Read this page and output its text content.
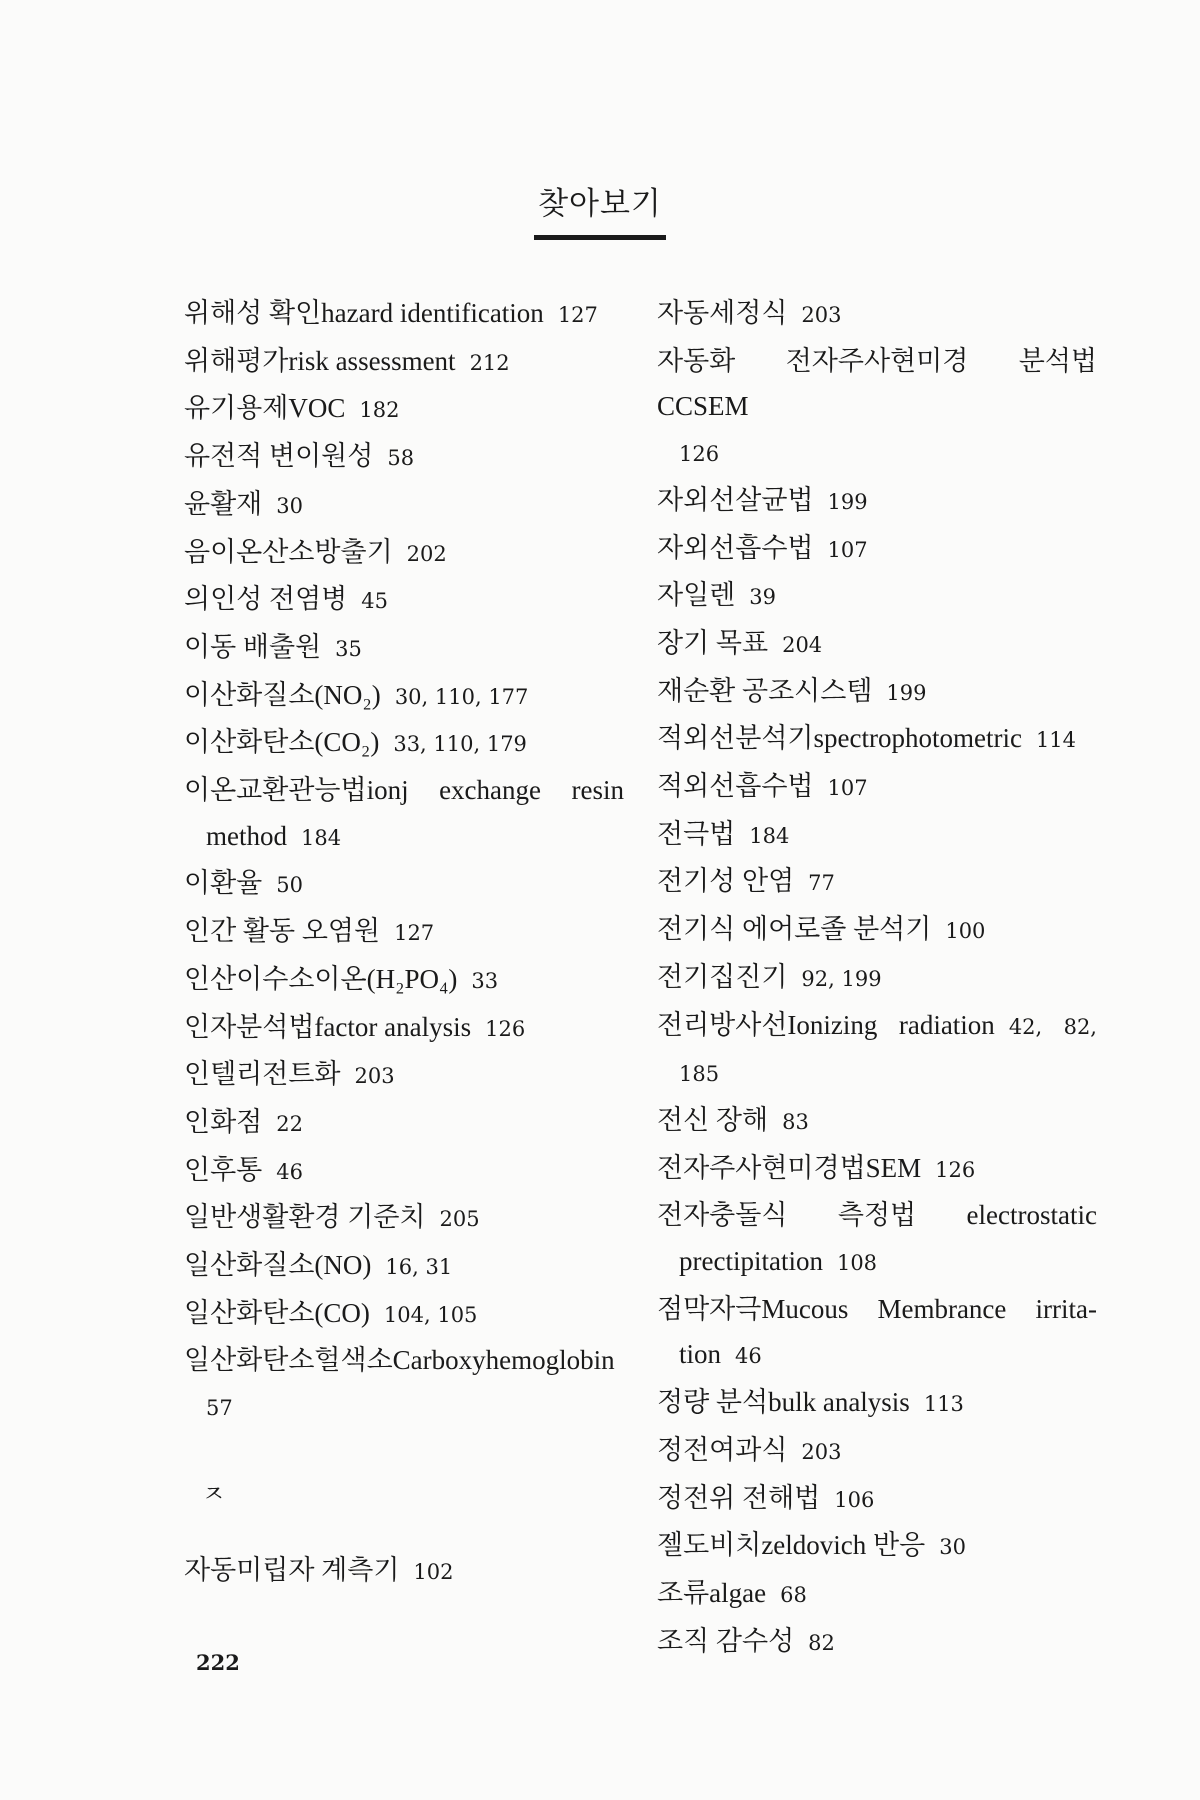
찾아보기
위해성 확인hazard identification 127
위해평가risk assessment 212
유기용제VOC 182
유전적 변이원성 58
윤활재 30
음이온산소방출기 202
의인성 전염병 45
이동 배출원 35
이산화질소(NO₂) 30, 110, 177
이산화탄소(CO₂) 33, 110, 179
이온교환관능법ionj exchange resin
method 184
이환율 50
인간 활동 오염원 127
인산이수소이온(H₂PO₄) 33
인자분석법factor analysis 126
인텔리전트화 203
인화점 22
인후통 46
일반생활환경 기준치 205
일산화질소(NO) 16, 31
일산화탄소(CO) 104, 105
일산화탄소헐색소Carboxyhemoglobin
57
ㅈ
자동미립자 계측기 102
자동세정식 203
자동화 전자주사현미경 분석법CCSEM
126
자외선살균법 199
자외선흡수법 107
자일렌 39
장기 목표 204
재순환 공조시스템 199
적외선분석기spectrophotometric 114
적외선흡수법 107
전극법 184
전기성 안염 77
전기식 에어로졸 분석기 100
전기집진기 92, 199
전리방사선Ionizing radiation 42, 82,
185
전신 장해 83
전자주사현미경법SEM 126
전자충돌식 측정법 electrostatic
prectipitation 108
점막자극Mucous Membrance irrita-
tion 46
정량 분석bulk analysis 113
정전여과식 203
정전위 전해법 106
젤도비치zeldovich 반응 30
조류algae 68
조직 감수성 82
222
